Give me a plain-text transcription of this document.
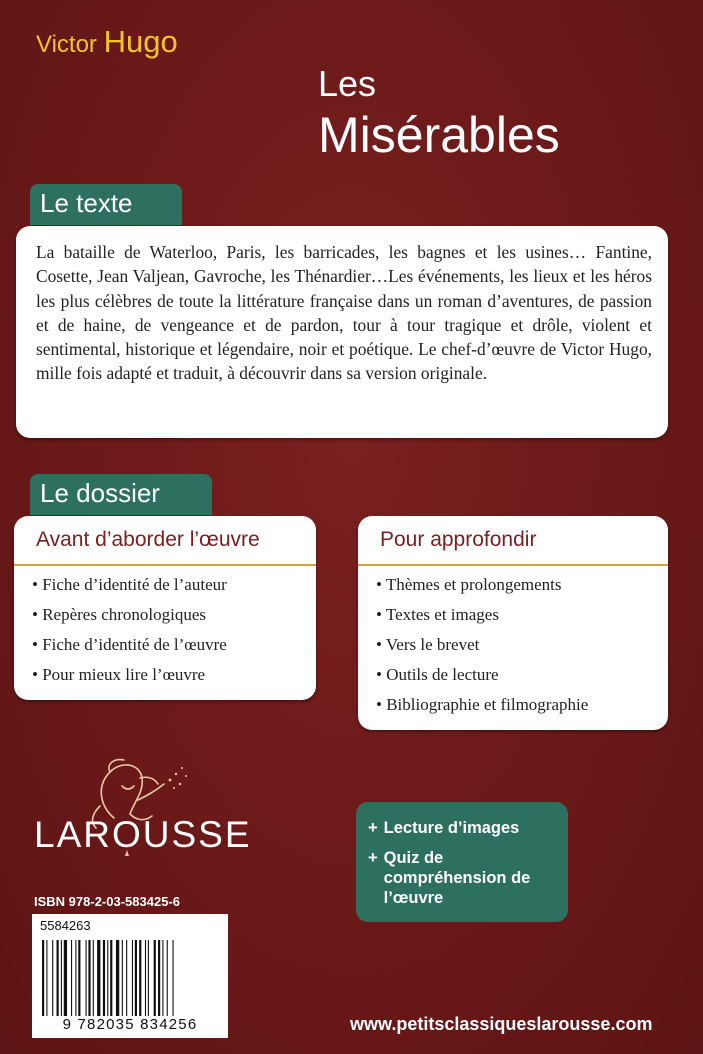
Victor Hugo
Les
Misérables
Le texte
La bataille de Waterloo, Paris, les barricades, les bagnes et les usines… Fantine, Cosette, Jean Valjean, Gavroche, les Thénardier…Les événements, les lieux et les héros les plus célèbres de toute la littérature française dans un roman d’aventures, de passion et de haine, de vengeance et de pardon, tour à tour tragique et drôle, violent et sentimental, historique et légendaire, noir et poétique. Le chef-d’œuvre de Victor Hugo, mille fois adapté et traduit, à découvrir dans sa version originale.
Le dossier
Avant d’aborder l’œuvre
• Fiche d’identité de l’auteur
• Repères chronologiques
• Fiche d’identité de l’œuvre
• Pour mieux lire l’œuvre
Pour approfondir
• Thèmes et prolongements
• Textes et images
• Vers le brevet
• Outils de lecture
• Bibliographie et filmographie
LAROUSSE
ISBN 978-2-03-583425-6
5584263
9 782035 834256
+ Lecture d’images
+ Quiz de compréhension de l’œuvre
www.petitsclassiqueslarousse.com
